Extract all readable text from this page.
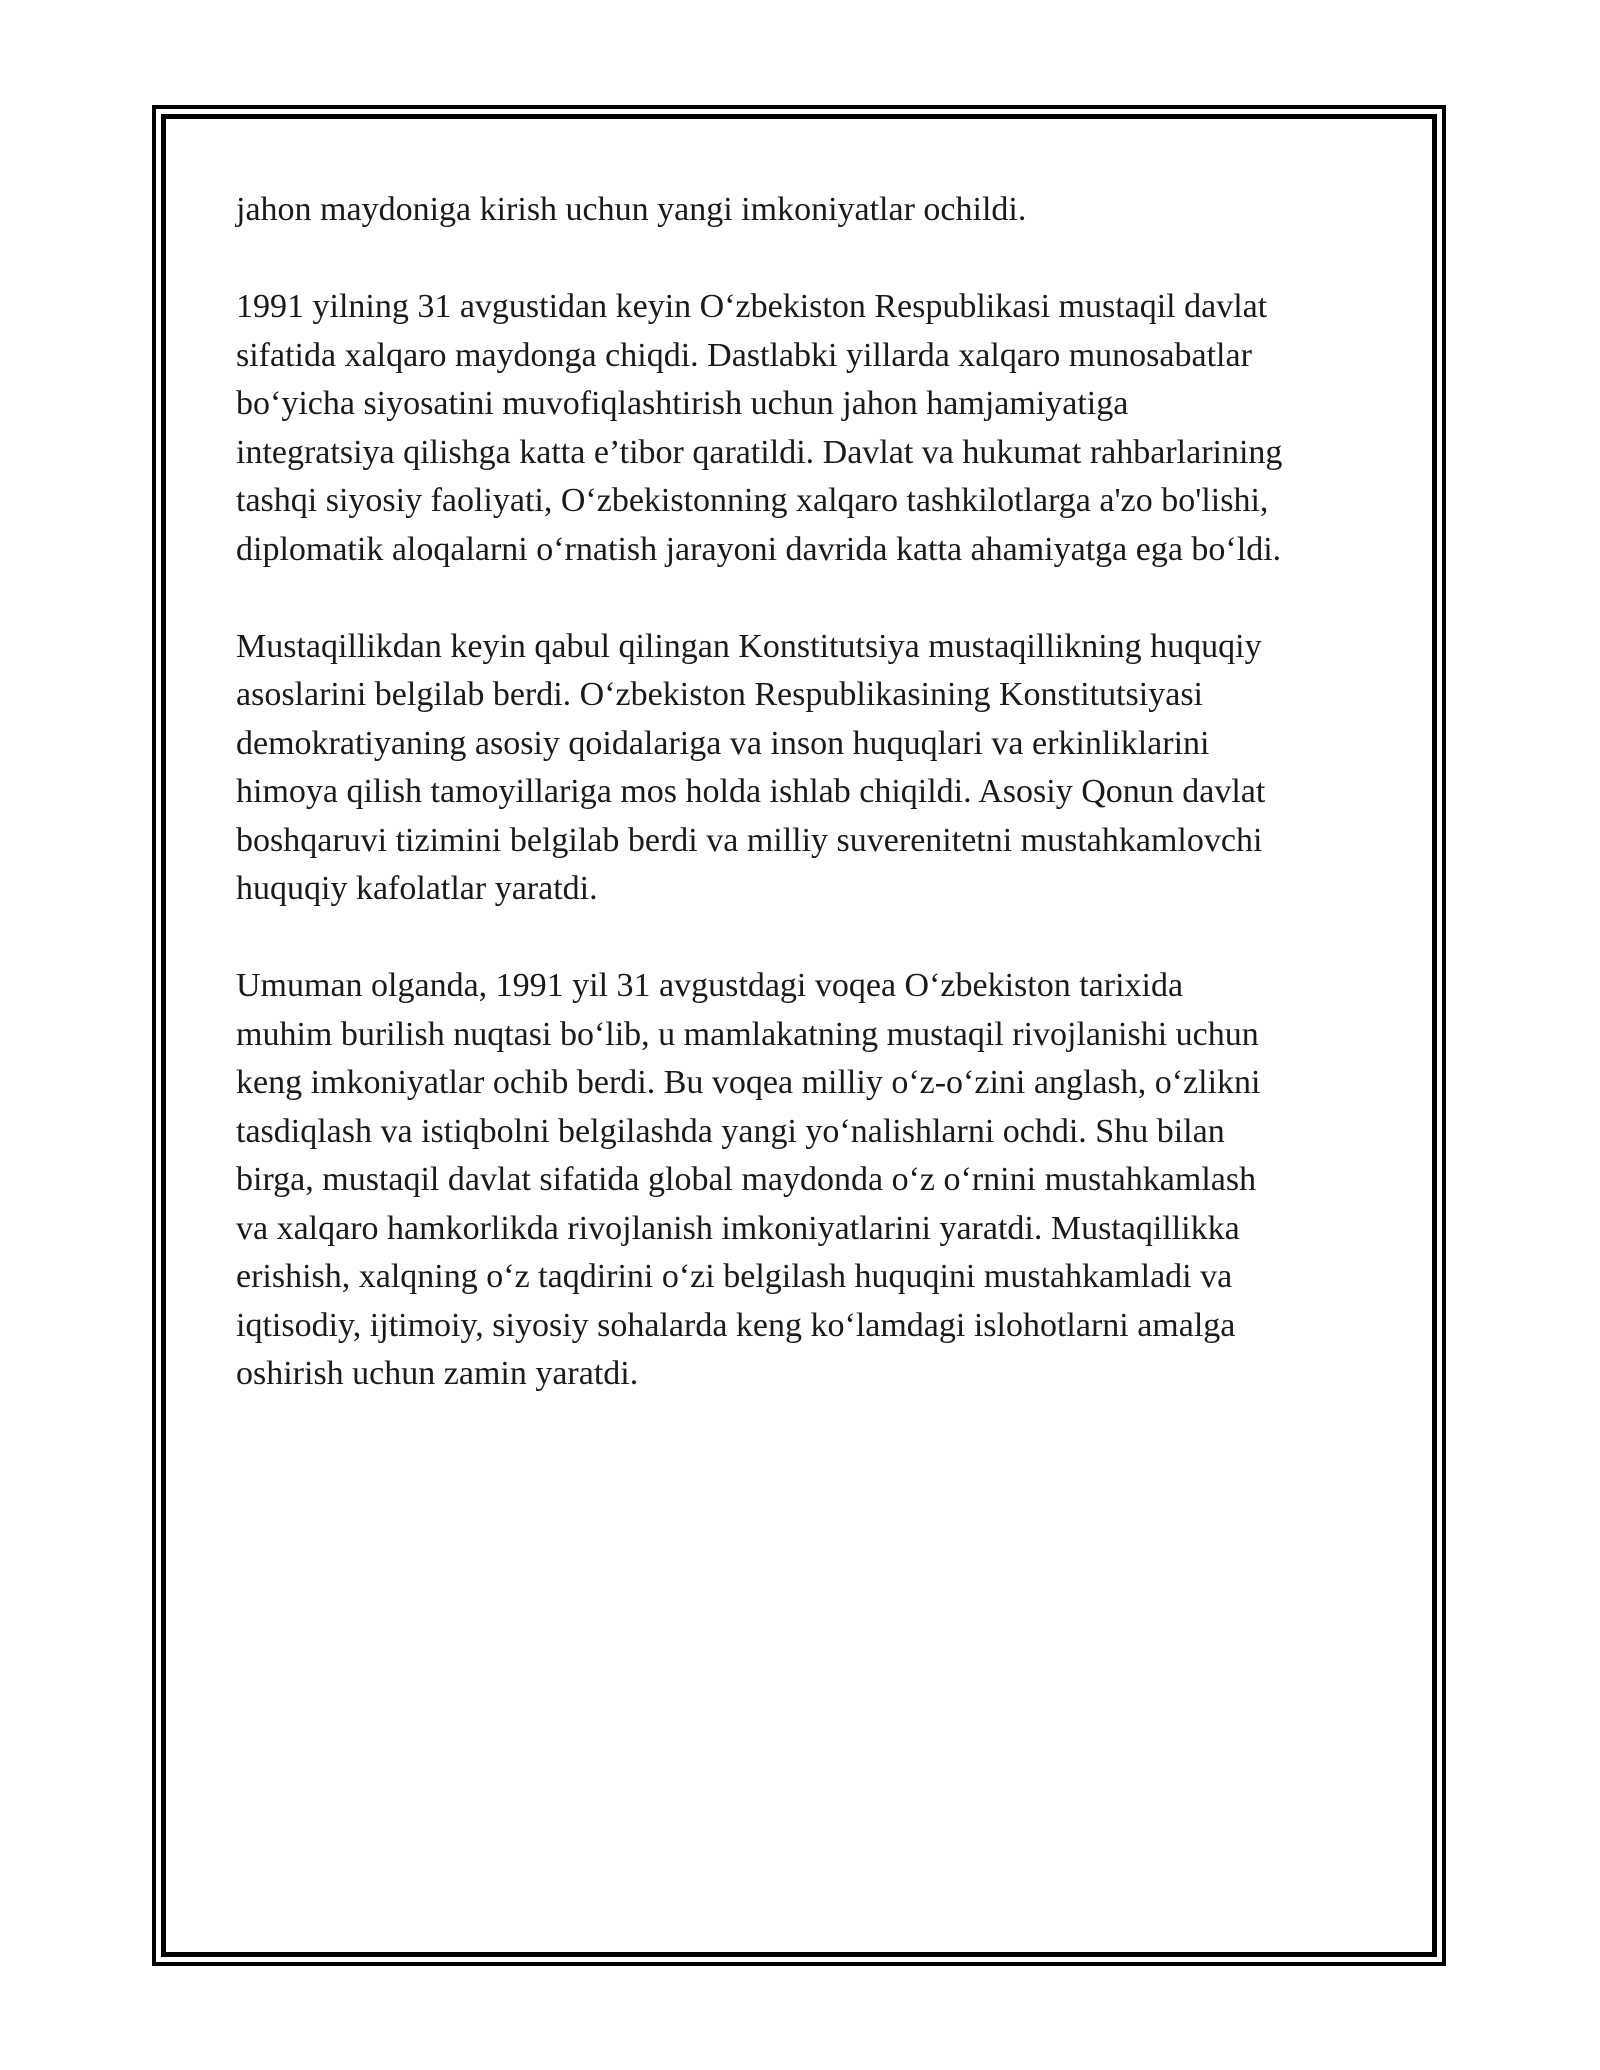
jahon maydoniga kirish uchun yangi imkoniyatlar ochildi.

1991 yilning 31 avgustidan keyin O‘zbekiston Respublikasi mustaqil davlat
sifatida xalqaro maydonga chiqdi. Dastlabki yillarda xalqaro munosabatlar
bo‘yicha siyosatini muvofiqlashtirish uchun jahon hamjamiyatiga
integratsiya qilishga katta e’tibor qaratildi. Davlat va hukumat rahbarlarining
tashqi siyosiy faoliyati, O‘zbekistonning xalqaro tashkilotlarga a'zo bo'lishi,
diplomatik aloqalarni o‘rnatish jarayoni davrida katta ahamiyatga ega bo‘ldi.

Mustaqillikdan keyin qabul qilingan Konstitutsiya mustaqillikning huquqiy
asoslarini belgilab berdi. O‘zbekiston Respublikasining Konstitutsiyasi
demokratiyaning asosiy qoidalariga va inson huquqlari va erkinliklarini
himoya qilish tamoyillariga mos holda ishlab chiqildi. Asosiy Qonun davlat
boshqaruvi tizimini belgilab berdi va milliy suverenitetni mustahkamlovchi
huquqiy kafolatlar yaratdi.

Umuman olganda, 1991 yil 31 avgustdagi voqea O‘zbekiston tarixida
muhim burilish nuqtasi bo‘lib, u mamlakatning mustaqil rivojlanishi uchun
keng imkoniyatlar ochib berdi. Bu voqea milliy o‘z-o‘zini anglash, o‘zlikni
tasdiqlash va istiqbolni belgilashda yangi yo‘nalishlarni ochdi. Shu bilan
birga, mustaqil davlat sifatida global maydonda o‘z o‘rnini mustahkamlash
va xalqaro hamkorlikda rivojlanish imkoniyatlarini yaratdi. Mustaqillikka
erishish, xalqning o‘z taqdirini o‘zi belgilash huquqini mustahkamladi va
iqtisodiy, ijtimoiy, siyosiy sohalarda keng ko‘lamdagi islohotlarni amalga
oshirish uchun zamin yaratdi.
